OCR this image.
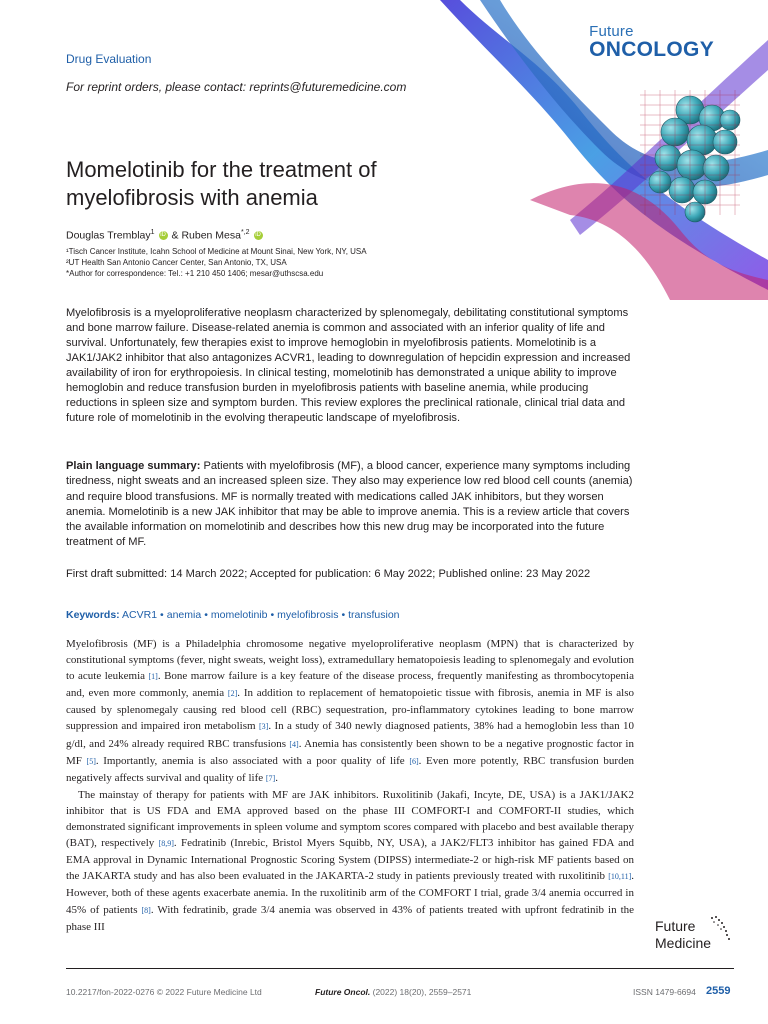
Future
ONCOLOGY
Drug Evaluation
For reprint orders, please contact: reprints@futuremedicine.com
Momelotinib for the treatment of myelofibrosis with anemia
Douglas Tremblay$^1$ iD & Ruben Mesa$^{*,2}$ iD
¹Tisch Cancer Institute, Icahn School of Medicine at Mount Sinai, New York, NY, USA
²UT Health San Antonio Cancer Center, San Antonio, TX, USA
*Author for correspondence: Tel.: +1 210 450 1406; mesar@uthscsa.edu

Myelofibrosis is a myeloproliferative neoplasm characterized by splenomegaly, debilitating constitutional symptoms and bone marrow failure. Disease-related anemia is common and associated with an inferior quality of life and survival. Unfortunately, few therapies exist to improve hemoglobin in myelofibrosis patients. Momelotinib is a JAK1/JAK2 inhibitor that also antagonizes ACVR1, leading to downregulation of hepcidin expression and increased availability of iron for erythropoiesis. In clinical testing, momelotinib has demonstrated a unique ability to improve hemoglobin and reduce transfusion burden in myelofibrosis patients with baseline anemia, while producing reductions in spleen size and symptom burden. This review explores the preclinical rationale, clinical trial data and future role of momelotinib in the evolving therapeutic landscape of myelofibrosis.

Plain language summary: Patients with myelofibrosis (MF), a blood cancer, experience many symptoms including tiredness, night sweats and an increased spleen size. They also may experience low red blood cell counts (anemia) and require blood transfusions. MF is normally treated with medications called JAK inhibitors, but they worsen anemia. Momelotinib is a new JAK inhibitor that may be able to improve anemia. This is a review article that covers the available information on momelotinib and describes how this new drug may be incorporated into the future treatment of MF.

First draft submitted: 14 March 2022; Accepted for publication: 6 May 2022; Published online: 23 May 2022

Keywords: ACVR1 • anemia • momelotinib • myelofibrosis • transfusion

Myelofibrosis (MF) is a Philadelphia chromosome negative myeloproliferative neoplasm (MPN) that is characterized by constitutional symptoms (fever, night sweats, weight loss), extramedullary hematopoiesis leading to splenomegaly and evolution to acute leukemia [1]. Bone marrow failure is a key feature of the disease process, frequently manifesting as thrombocytopenia and, even more commonly, anemia [2]. In addition to replacement of hematopoietic tissue with fibrosis, anemia in MF is also caused by splenomegaly causing red blood cell (RBC) sequestration, pro-inflammatory cytokines leading to bone marrow suppression and impaired iron metabolism [3]. In a study of 340 newly diagnosed patients, 38% had a hemoglobin less than 10 g/dl, and 24% already required RBC transfusions [4]. Anemia has consistently been shown to be a negative prognostic factor in MF [5]. Importantly, anemia is also associated with a poor quality of life [6]. Even more potently, RBC transfusion burden negatively affects survival and quality of life [7].

The mainstay of therapy for patients with MF are JAK inhibitors. Ruxolitinib (Jakafi, Incyte, DE, USA) is a JAK1/JAK2 inhibitor that is US FDA and EMA approved based on the phase III COMFORT-I and COMFORT-II studies, which demonstrated significant improvements in spleen volume and symptom scores compared with placebo and best available therapy (BAT), respectively [8,9]. Fedratinib (Inrebic, Bristol Myers Squibb, NY, USA), a JAK2/FLT3 inhibitor has gained FDA and EMA approval in Dynamic International Prognostic Scoring System (DIPSS) intermediate-2 or high-risk MF patients based on the JAKARTA study and has also been evaluated in the JAKARTA-2 study in patients previously treated with ruxolitinib [10,11]. However, both of these agents exacerbate anemia. In the ruxolitinib arm of the COMFORT I trial, grade 3/4 anemia occurred in 45% of patients [8]. With fedratinib, grade 3/4 anemia was observed in 43% of patients treated with upfront fedratinib in the phase III	Future
Medicine
10.2217/fon-2022-0276 © 2022 Future Medicine Ltd	Future Oncol. (2022) 18(20), 2559–2571	ISSN 1479-6694 2559
